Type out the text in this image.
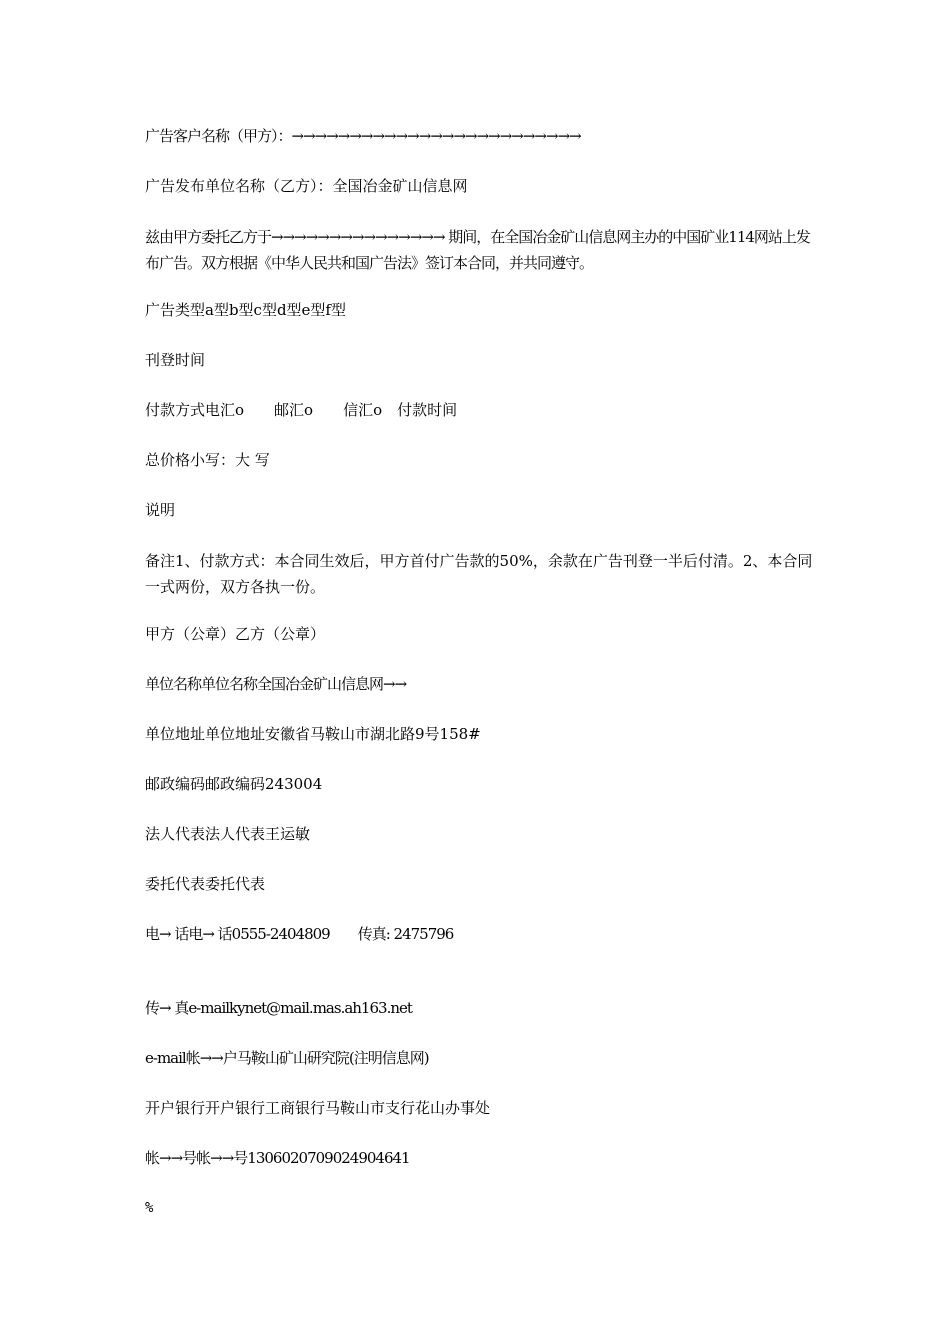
广告客户名称（甲方）：→→→→→→→→→→→→→→→→→→→→→→→→→
广告发布单位名称（乙方）：全国冶金矿山信息网
兹由甲方委托乙方于→→→→→→→→→→→→→→→ 期间，在全国冶金矿山信息网主办的中国矿业114网站上发布广告。双方根据《中华人民共和国广告法》签订本合同，并共同遵守。
广告类型a型b型c型d型e型f型
刊登时间
付款方式电汇o　　邮汇o　　信汇o　付款时间
总价格小写：大 写
说明
备注1、付款方式：本合同生效后，甲方首付广告款的50%，余款在广告刊登一半后付清。2、本合同一式两份，双方各执一份。
甲方（公章）乙方（公章）
单位名称单位名称全国冶金矿山信息网→→
单位地址单位地址安徽省马鞍山市湖北路9号158#
邮政编码邮政编码243004
法人代表法人代表王运敏
委托代表委托代表
电→ 话电→ 话0555-2404809　　传真: 2475796
传→ 真e-mailkynet@mail.mas.ah163.net
e-mail帐→→户马鞍山矿山研究院(注明信息网)
开户银行开户银行工商银行马鞍山市支行花山办事处
帐→→号帐→→号1306020709024904641
%
